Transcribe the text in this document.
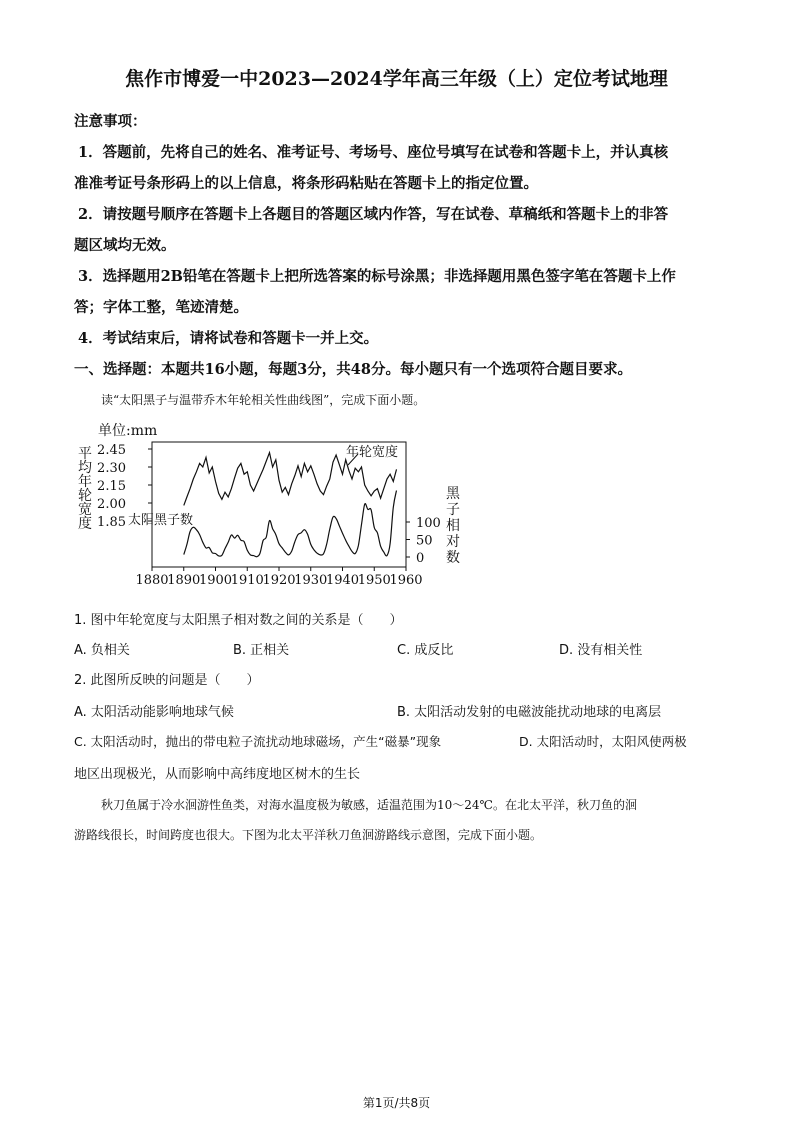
焦作市博爱一中2023—2024学年高三年级（上）定位考试地理
注意事项：
1．答题前，先将自己的姓名、准考证号、考场号、座位号填写在试卷和答题卡上，并认真核
准准考证号条形码上的以上信息，将条形码粘贴在答题卡上的指定位置。
2．请按题号顺序在答题卡上各题目的答题区域内作答，写在试卷、草稿纸和答题卡上的非答
题区域均无效。
3．选择题用2B铅笔在答题卡上把所选答案的标号涂黑；非选择题用黑色签字笔在答题卡上作
答；字体工整，笔迹清楚。
4．考试结束后，请将试卷和答题卡一并上交。
一、选择题：本题共16小题，每题3分，共48分。每小题只有一个选项符合题目要求。
读“太阳黑子与温带乔木年轮相关性曲线图”，完成下面小题。
单位:mm
平
均
年
轮
宽
度 1.85
2.00
2.15
2.30
2.45
黑
子
相
对
数
0
50
100
1880
1890
1900
1910
1920
1930
1940
1950
1960
年轮宽度
太阳黑子数
1. 图中年轮宽度与太阳黑子相对数之间的关系是（　　）
A. 负相关	B. 正相关	C. 成反比	D. 没有相关性
2. 此图所反映的问题是（　　）
A. 太阳活动能影响地球气候	B. 太阳活动发射的电磁波能扰动地球的电离层
C. 太阳活动时，抛出的带电粒子流扰动地球磁场，产生“磁暴”现象	D. 太阳活动时，太阳风使两极
地区出现极光，从而影响中高纬度地区树木的生长
秋刀鱼属于冷水洄游性鱼类，对海水温度极为敏感，适温范围为10～24℃。在北太平洋，秋刀鱼的洄
游路线很长，时间跨度也很大。下图为北太平洋秋刀鱼洄游路线示意图，完成下面小题。
第1页/共8页
